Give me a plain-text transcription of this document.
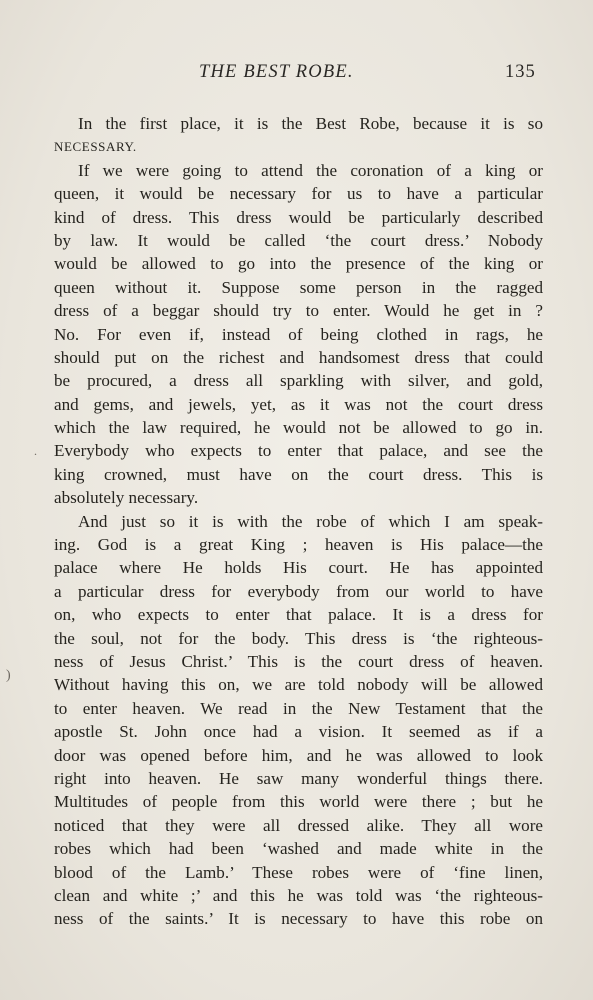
THE BEST ROBE.	135
In the first place, it is the Best Robe, because it is so
NECESSARY.
If we were going to attend the coronation of a king or
queen, it would be necessary for us to have a particular
kind of dress. This dress would be particularly described
by law. It would be called ‘the court dress.’ Nobody
would be allowed to go into the presence of the king or
queen without it. Suppose some person in the ragged
dress of a beggar should try to enter. Would he get in ?
No. For even if, instead of being clothed in rags, he
should put on the richest and handsomest dress that could
be procured, a dress all sparkling with silver, and gold,
and gems, and jewels, yet, as it was not the court dress
which the law required, he would not be allowed to go in.
Everybody who expects to enter that palace, and see the
king crowned, must have on the court dress. This is
absolutely necessary.
And just so it is with the robe of which I am speak-
ing. God is a great King ; heaven is His palace—the
palace where He holds His court. He has appointed
a particular dress for everybody from our world to have
on, who expects to enter that palace. It is a dress for
the soul, not for the body. This dress is ‘the righteous-
ness of Jesus Christ.’ This is the court dress of heaven.
Without having this on, we are told nobody will be allowed
to enter heaven. We read in the New Testament that the
apostle St. John once had a vision. It seemed as if a
door was opened before him, and he was allowed to look
right into heaven. He saw many wonderful things there.
Multitudes of people from this world were there ; but he
noticed that they were all dressed alike. They all wore
robes which had been ‘washed and made white in the
blood of the Lamb.’ These robes were of ‘fine linen,
clean and white ;’ and this he was told was ‘the righteous-
ness of the saints.’ It is necessary to have this robe on
.
)
